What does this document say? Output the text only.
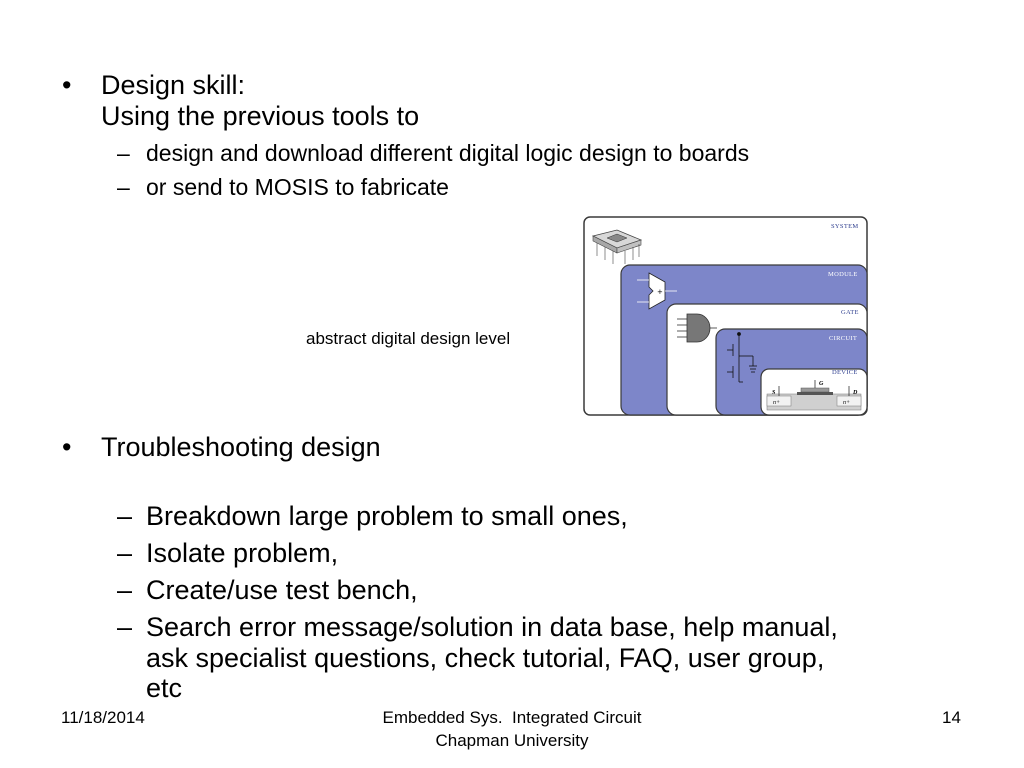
• Design skill:
Using the previous tools to
– design and download different digital logic design to boards
– or send to MOSIS to fabricate
abstract digital design level
SYSTEM
MODULE
+
GATE
CIRCUIT
DEVICE
S
G
D
n+	n+
• Troubleshooting design
– Breakdown large problem to small ones,
– Isolate problem,
– Create/use test bench,
– Search error message/solution in data base, help manual,
ask specialist questions, check tutorial, FAQ, user group,
etc
11/18/2014	Embedded Sys.  Integrated Circuit
Chapman University
14
